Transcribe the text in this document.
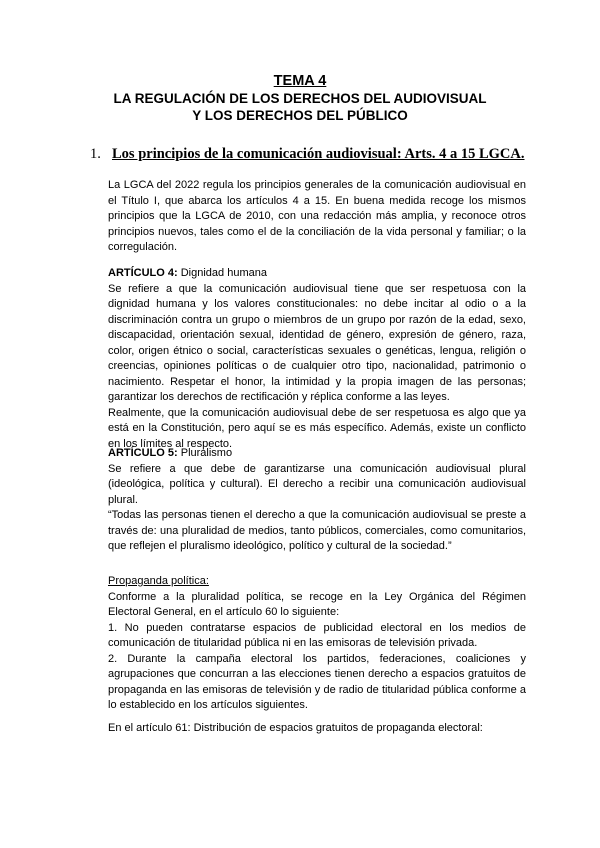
TEMA 4
LA REGULACIÓN DE LOS DERECHOS DEL AUDIOVISUAL
Y LOS DERECHOS DEL PÚBLICO
1. Los principios de la comunicación audiovisual: Arts. 4 a 15 LGCA.

La LGCA del 2022 regula los principios generales de la comunicación audiovisual en el Título I, que abarca los artículos 4 a 15. En buena medida recoge los mismos principios que la LGCA de 2010, con una redacción más amplia, y reconoce otros principios nuevos, tales como el de la conciliación de la vida personal y familiar; o la corregulación.

ARTÍCULO 4: Dignidad humana

Se refiere a que la comunicación audiovisual tiene que ser respetuosa con la dignidad humana y los valores constitucionales: no debe incitar al odio o a la discriminación contra un grupo o miembros de un grupo por razón de la edad, sexo, discapacidad, orientación sexual, identidad de género, expresión de género, raza, color, origen étnico o social, características sexuales o genéticas, lengua, religión o creencias, opiniones políticas o de cualquier otro tipo, nacionalidad, patrimonio o nacimiento. Respetar el honor, la intimidad y la propia imagen de las personas; garantizar los derechos de rectificación y réplica conforme a las leyes.

Realmente, que la comunicación audiovisual debe de ser respetuosa es algo que ya está en la Constitución, pero aquí se es más específico. Además, existe un conflicto en los límites al respecto.

ARTÍCULO 5: Pluralismo

Se refiere a que debe de garantizarse una comunicación audiovisual plural (ideológica, política y cultural). El derecho a recibir una comunicación audiovisual plural.

“Todas las personas tienen el derecho a que la comunicación audiovisual se preste a través de: una pluralidad de medios, tanto públicos, comerciales, como comunitarios, que reflejen el pluralismo ideológico, político y cultural de la sociedad.”

Propaganda política:

Conforme a la pluralidad política, se recoge en la Ley Orgánica del Régimen Electoral General, en el artículo 60 lo siguiente:

1. No pueden contratarse espacios de publicidad electoral en los medios de comunicación de titularidad pública ni en las emisoras de televisión privada.

2. Durante la campaña electoral los partidos, federaciones, coaliciones y agrupaciones que concurran a las elecciones tienen derecho a espacios gratuitos de propaganda en las emisoras de televisión y de radio de titularidad pública conforme a lo establecido en los artículos siguientes.

En el artículo 61: Distribución de espacios gratuitos de propaganda electoral:
